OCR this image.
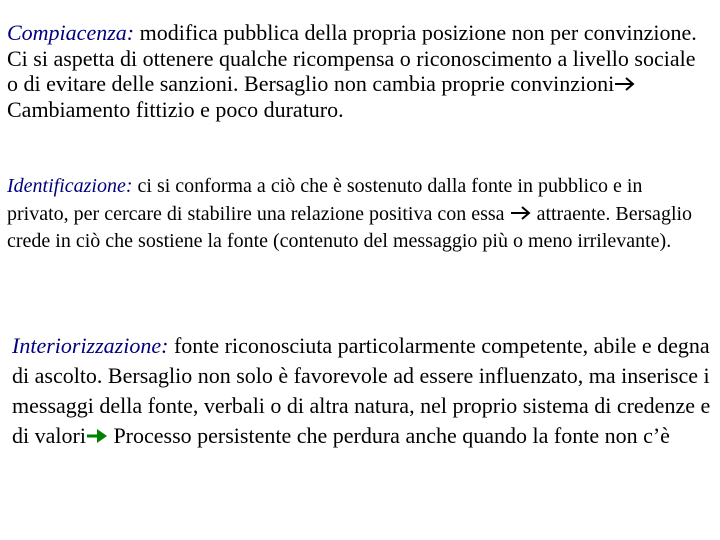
Compiacenza: modifica pubblica della propria posizione non per convinzione. Ci si aspetta di ottenere qualche ricompensa o riconoscimento a livello sociale o di evitare delle sanzioni. Bersaglio non cambia proprie convinzioni
Cambiamento fittizio e poco duraturo.

Identificazione: ci si conforma a ciò che è sostenuto dalla fonte in pubblico e in privato, per cercare di stabilire una relazione positiva con essa
attraente. Bersaglio crede in ciò che sostiene la fonte (contenuto del messaggio più o meno irrilevante).

Interiorizzazione: fonte riconosciuta particolarmente competente, abile e degna di ascolto. Bersaglio non solo è favorevole ad essere influenzato, ma inserisce i messaggi della fonte, verbali o di altra natura, nel proprio sistema di credenze e di valori
Processo persistente che perdura anche quando la fonte non c’è
